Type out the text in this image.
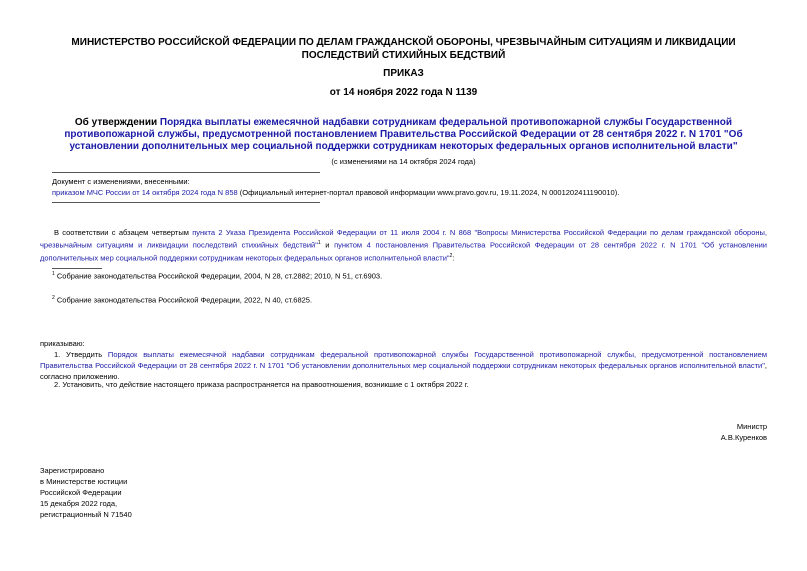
МИНИСТЕРСТВО РОССИЙСКОЙ ФЕДЕРАЦИИ ПО ДЕЛАМ ГРАЖДАНСКОЙ ОБОРОНЫ, ЧРЕЗВЫЧАЙНЫМ СИТУАЦИЯМ И ЛИКВИДАЦИИ ПОСЛЕДСТВИЙ СТИХИЙНЫХ БЕДСТВИЙ
ПРИКАЗ
от 14 ноября 2022 года N 1139
Об утверждении Порядка выплаты ежемесячной надбавки сотрудникам федеральной противопожарной службы Государственной противопожарной службы, предусмотренной постановлением Правительства Российской Федерации от 28 сентября 2022 г. N 1701 "Об установлении дополнительных мер социальной поддержки сотрудникам некоторых федеральных органов исполнительной власти"
(с изменениями на 14 октября 2024 года)
Документ с изменениями, внесенными:
приказом МЧС России от 14 октября 2024 года N 858 (Официальный интернет-портал правовой информации www.pravo.gov.ru, 19.11.2024, N 0001202411190010).
В соответствии с абзацем четвертым пункта 2 Указа Президента Российской Федерации от 11 июля 2004 г. N 868 "Вопросы Министерства Российской Федерации по делам гражданской обороны, чрезвычайным ситуациям и ликвидации последствий стихийных бедствий"$^1$ и пунктом 4 постановления Правительства Российской Федерации от 28 сентября 2022 г. N 1701 "Об установлении дополнительных мер социальной поддержки сотрудникам некоторых федеральных органов исполнительной власти"$^2$:
$^1$ Собрание законодательства Российской Федерации, 2004, N 28, ст.2882; 2010, N 51, ст.6903.
$^2$ Собрание законодательства Российской Федерации, 2022, N 40, ст.6825.
приказываю:
1. Утвердить Порядок выплаты ежемесячной надбавки сотрудникам федеральной противопожарной службы Государственной противопожарной службы, предусмотренной постановлением Правительства Российской Федерации от 28 сентября 2022 г. N 1701 "Об установлении дополнительных мер социальной поддержки сотрудникам некоторых федеральных органов исполнительной власти", согласно приложению.
2. Установить, что действие настоящего приказа распространяется на правоотношения, возникшие с 1 октября 2022 г.
Министр
А.В.Куренков
Зарегистрировано
в Министерстве юстиции
Российской Федерации
15 декабря 2022 года,
регистрационный N 71540
